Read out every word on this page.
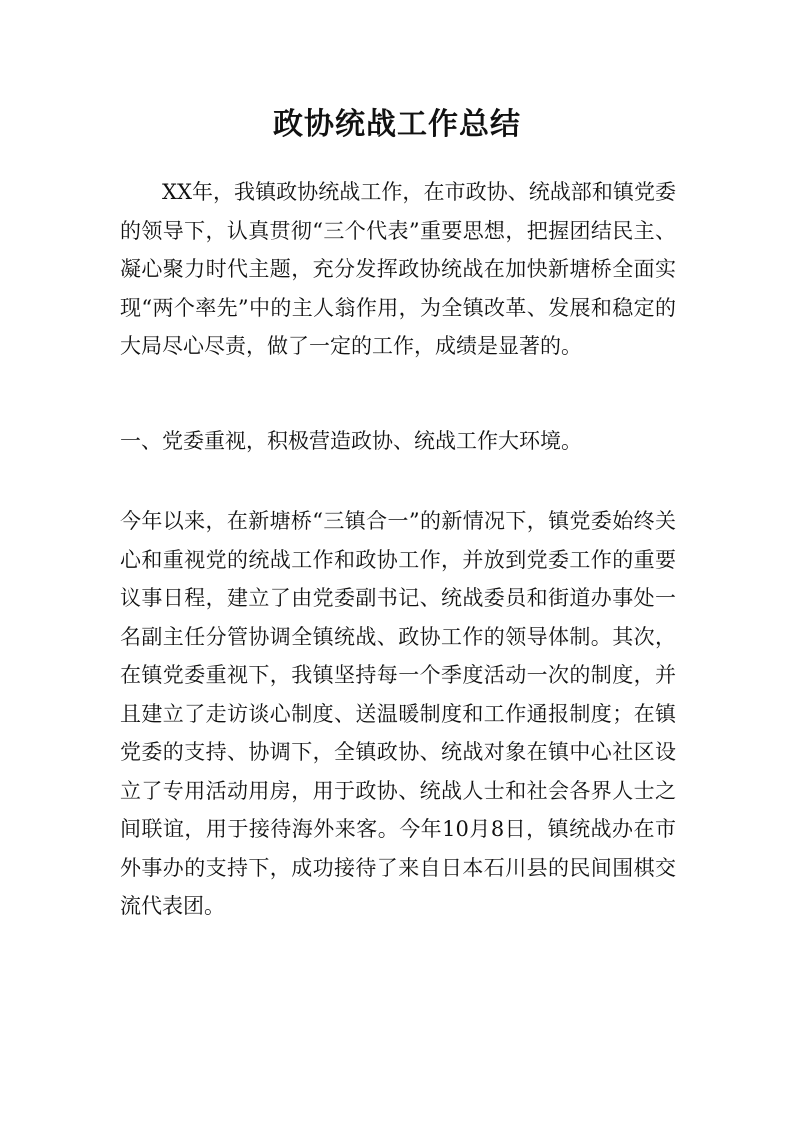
政协统战工作总结

XX年，我镇政协统战工作，在市政协、统战部和镇党委的领导下，认真贯彻“三个代表”重要思想，把握团结民主、凝心聚力时代主题，充分发挥政协统战在加快新塘桥全面实现“两个率先”中的主人翁作用，为全镇改革、发展和稳定的大局尽心尽责，做了一定的工作，成绩是显著的。

一、党委重视，积极营造政协、统战工作大环境。

今年以来，在新塘桥“三镇合一”的新情况下，镇党委始终关心和重视党的统战工作和政协工作，并放到党委工作的重要议事日程，建立了由党委副书记、统战委员和街道办事处一名副主任分管协调全镇统战、政协工作的领导体制。其次，在镇党委重视下，我镇坚持每一个季度活动一次的制度，并且建立了走访谈心制度、送温暖制度和工作通报制度；在镇党委的支持、协调下，全镇政协、统战对象在镇中心社区设立了专用活动用房，用于政协、统战人士和社会各界人士之间联谊，用于接待海外来客。今年10月8日，镇统战办在市外事办的支持下，成功接待了来自日本石川县的民间围棋交流代表团。
